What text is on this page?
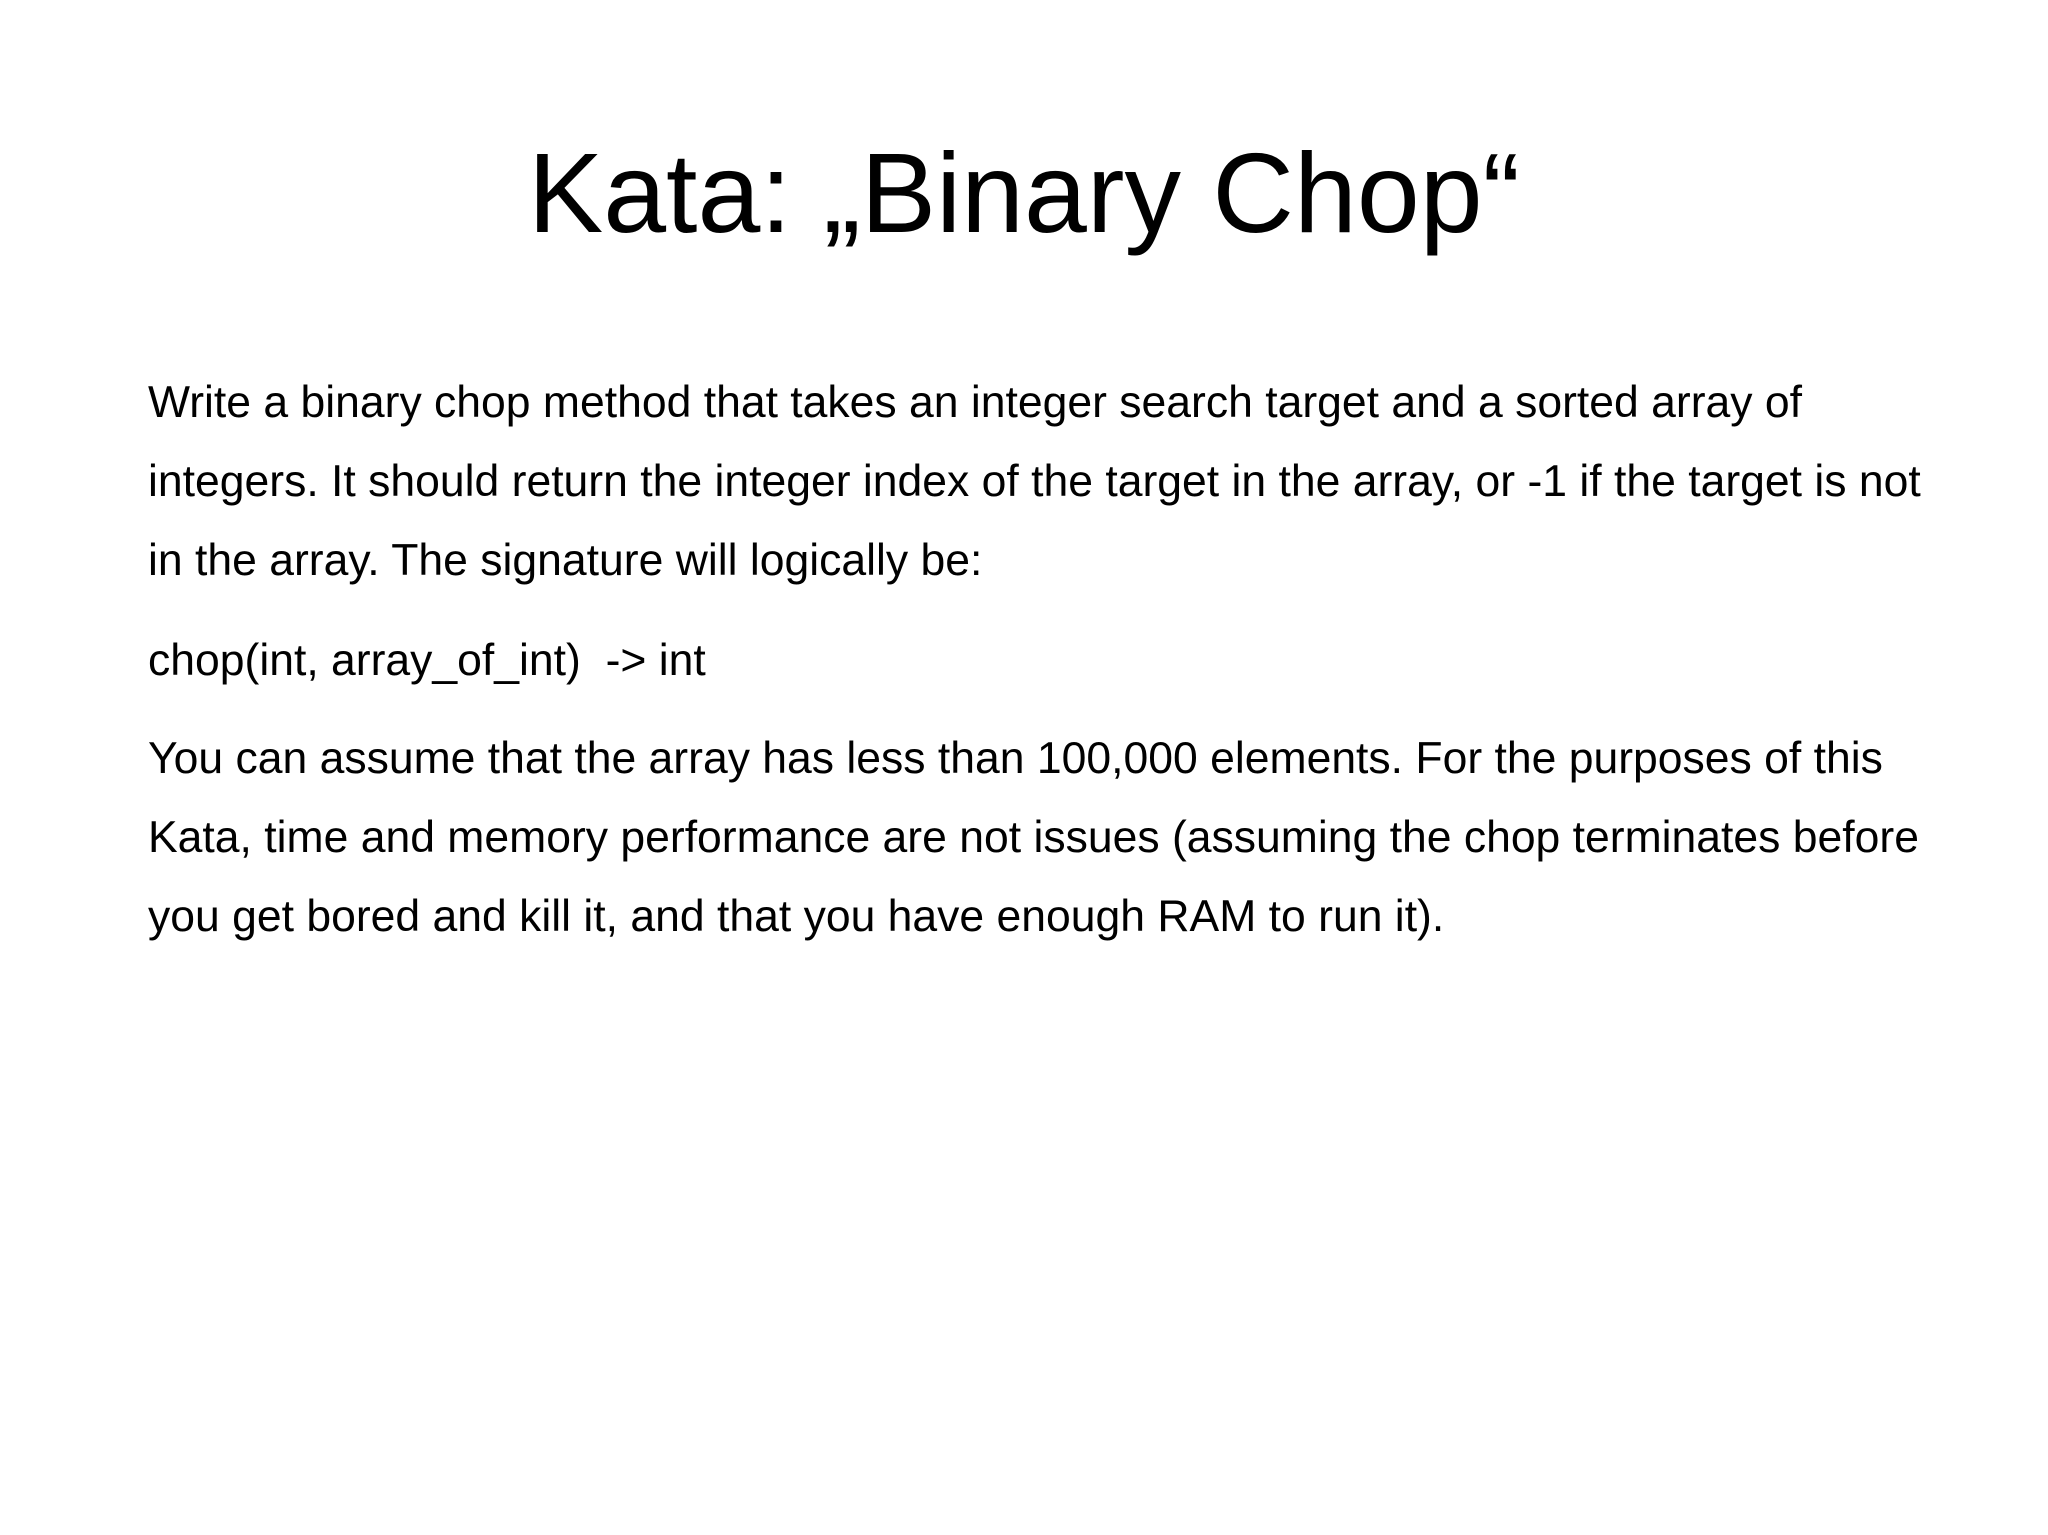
Kata: „Binary Chop“

Write a binary chop method that takes an integer search target and a sorted array of integers. It should return the integer index of the target in the array, or -1 if the target is not in the array. The signature will logically be:

chop(int, array_of_int)  -> int

You can assume that the array has less than 100,000 elements. For the purposes of this Kata, time and memory performance are not issues (assuming the chop terminates before you get bored and kill it, and that you have enough RAM to run it).
